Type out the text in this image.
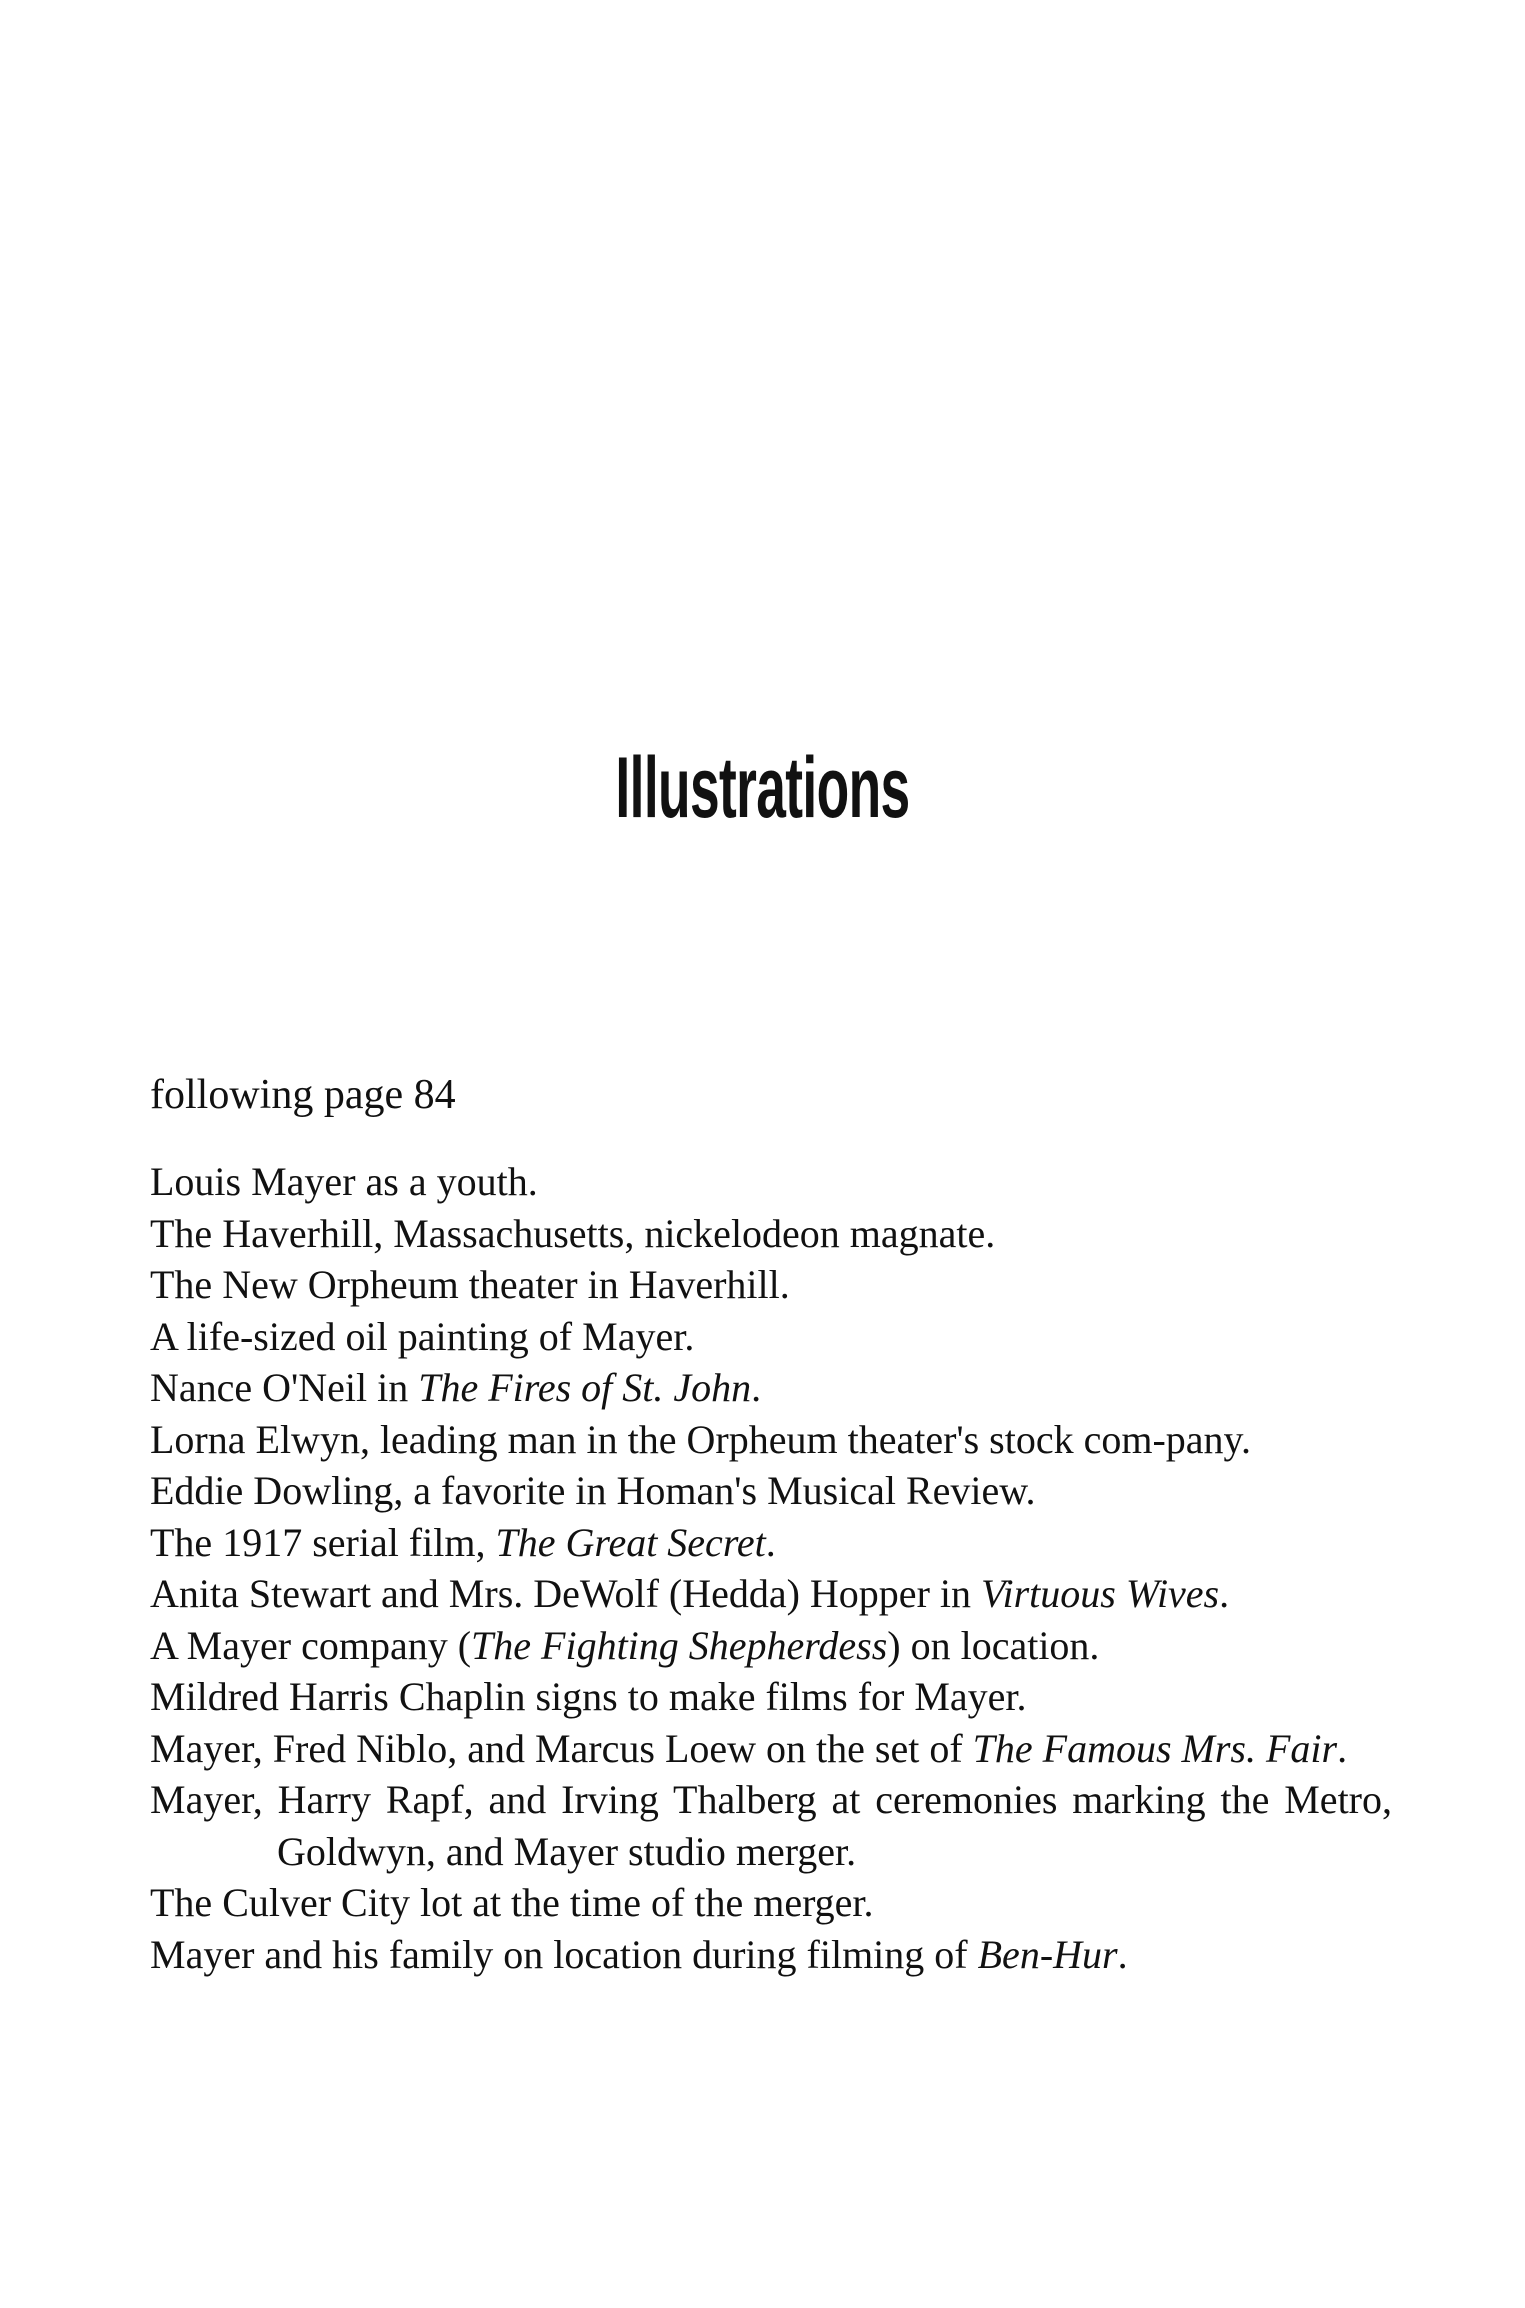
Illustrations
following page 84
Louis Mayer as a youth.
The Haverhill, Massachusetts, nickelodeon magnate.
The New Orpheum theater in Haverhill.
A life-sized oil painting of Mayer.
Nance O'Neil in The Fires of St. John.
Lorna Elwyn, leading man in the Orpheum theater's stock com-pany.
Eddie Dowling, a favorite in Homan's Musical Review.
The 1917 serial film, The Great Secret.
Anita Stewart and Mrs. DeWolf (Hedda) Hopper in Virtuous Wives.
A Mayer company (The Fighting Shepherdess) on location.
Mildred Harris Chaplin signs to make films for Mayer.
Mayer, Fred Niblo, and Marcus Loew on the set of The Famous Mrs. Fair.
Mayer, Harry Rapf, and Irving Thalberg at ceremonies marking the Metro, Goldwyn, and Mayer studio merger.
The Culver City lot at the time of the merger.
Mayer and his family on location during filming of Ben-Hur.
